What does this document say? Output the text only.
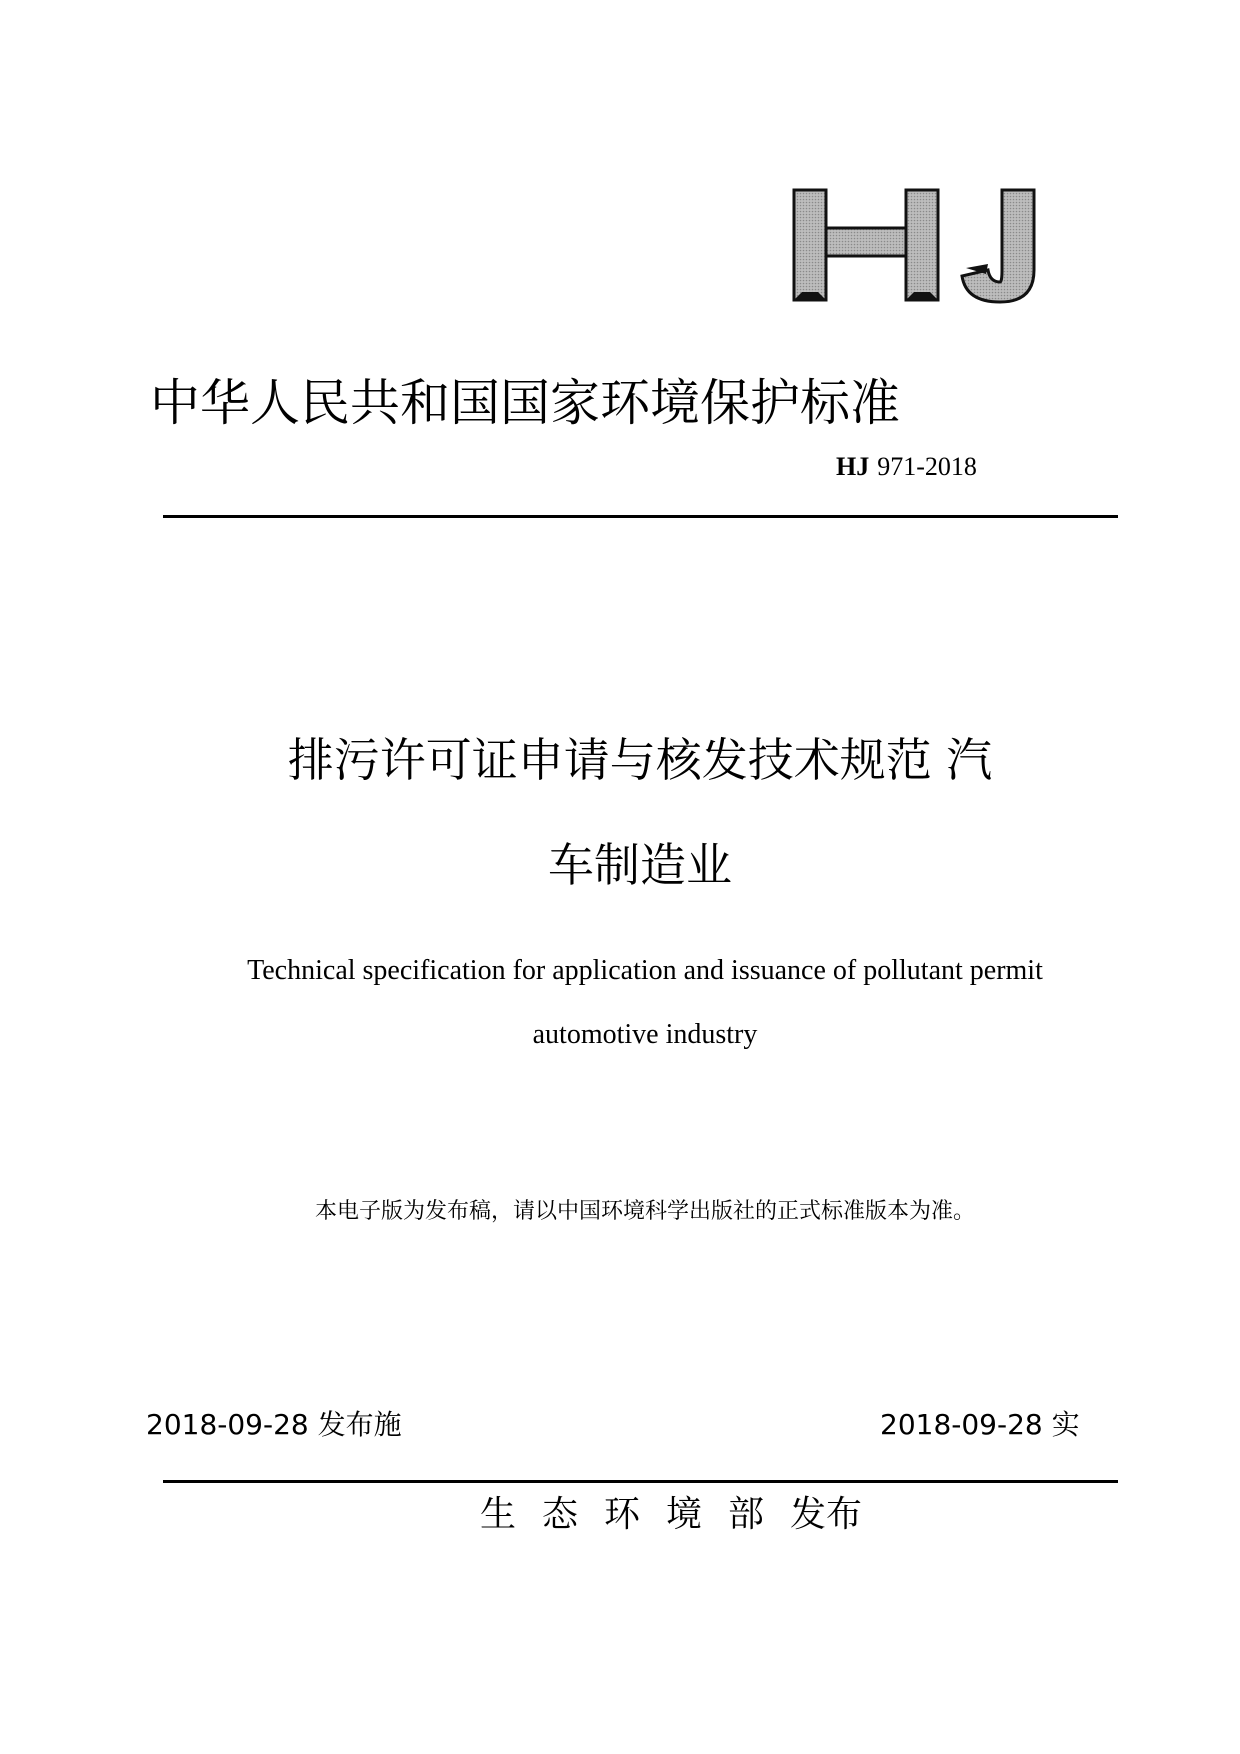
中华人民共和国国家环境保护标准
HJ 971-2018
排污许可证申请与核发技术规范 汽
车制造业
Technical specification for application and issuance of pollutant permit
automotive industry
本电子版为发布稿，请以中国环境科学出版社的正式标准版本为准。
2018-09-28 发布施	2018-09-28 实
生态环境部发布
